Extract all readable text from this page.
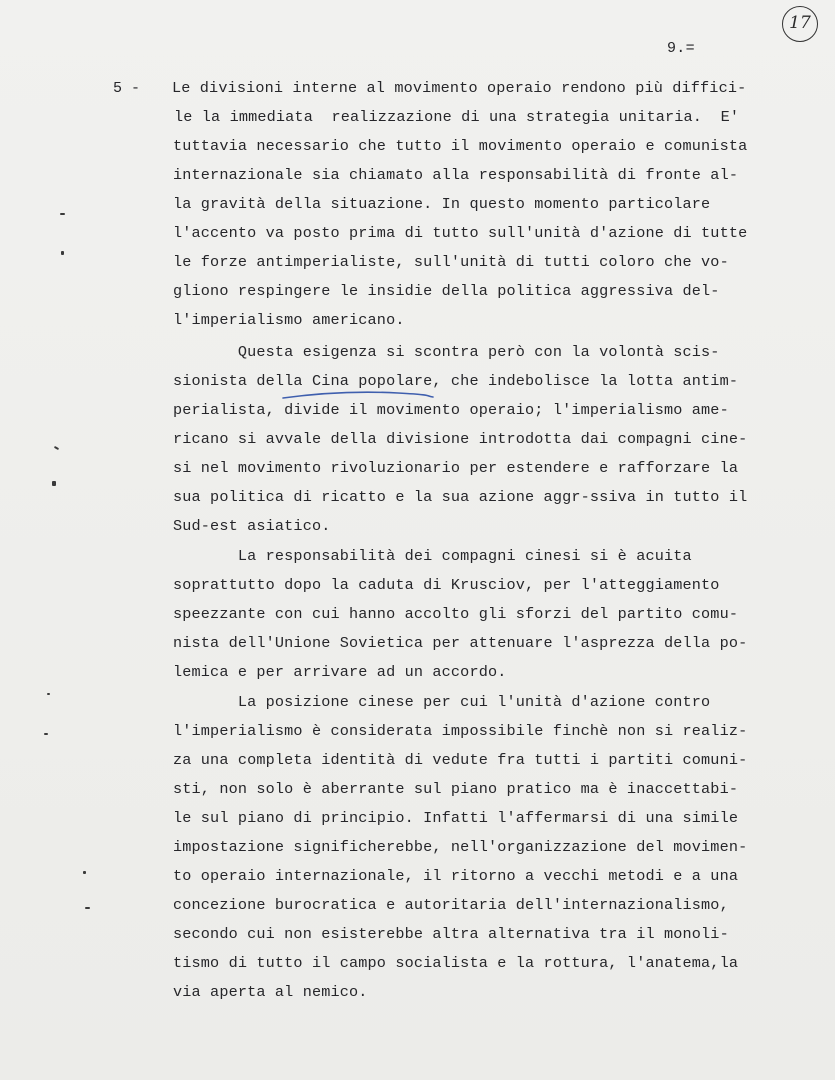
17
9.=
5 - Le divisioni interne al movimento operaio rendono più diffici-
le la immediata  realizzazione di una strategia unitaria.  E'
tuttavia necessario che tutto il movimento operaio e comunista
internazionale sia chiamato alla responsabilità di fronte al-
la gravità della situazione. In questo momento particolare
l'accento va posto prima di tutto sull'unità d'azione di tutte
le forze antimperialiste, sull'unità di tutti coloro che vo-
gliono respingere le insidie della politica aggressiva del-
l'imperialismo americano.
Questa esigenza si scontra però con la volontà scis-
sionista della Cina popolare, che indebolisce la lotta antim-
perialista, divide il movimento operaio; l'imperialismo ame-
ricano si avvale della divisione introdotta dai compagni cine-
si nel movimento rivoluzionario per estendere e rafforzare la
sua politica di ricatto e la sua azione aggr-ssiva in tutto il
Sud-est asiatico.
La responsabilità dei compagni cinesi si è acuita
soprattutto dopo la caduta di Krusciov, per l'atteggiamento
speezzante con cui hanno accolto gli sforzi del partito comu-
nista dell'Unione Sovietica per attenuare l'asprezza della po-
lemica e per arrivare ad un accordo.
La posizione cinese per cui l'unità d'azione contro
l'imperialismo è considerata impossibile finchè non si realiz-
za una completa identità di vedute fra tutti i partiti comuni-
sti, non solo è aberrante sul piano pratico ma è inaccettabi-
le sul piano di principio. Infatti l'affermarsi di una simile
impostazione significherebbe, nell'organizzazione del movimen-
to operaio internazionale, il ritorno a vecchi metodi e a una
concezione burocratica e autoritaria dell'internazionalismo,
secondo cui non esisterebbe altra alternativa tra il monoli-
tismo di tutto il campo socialista e la rottura, l'anatema,la
via aperta al nemico.
